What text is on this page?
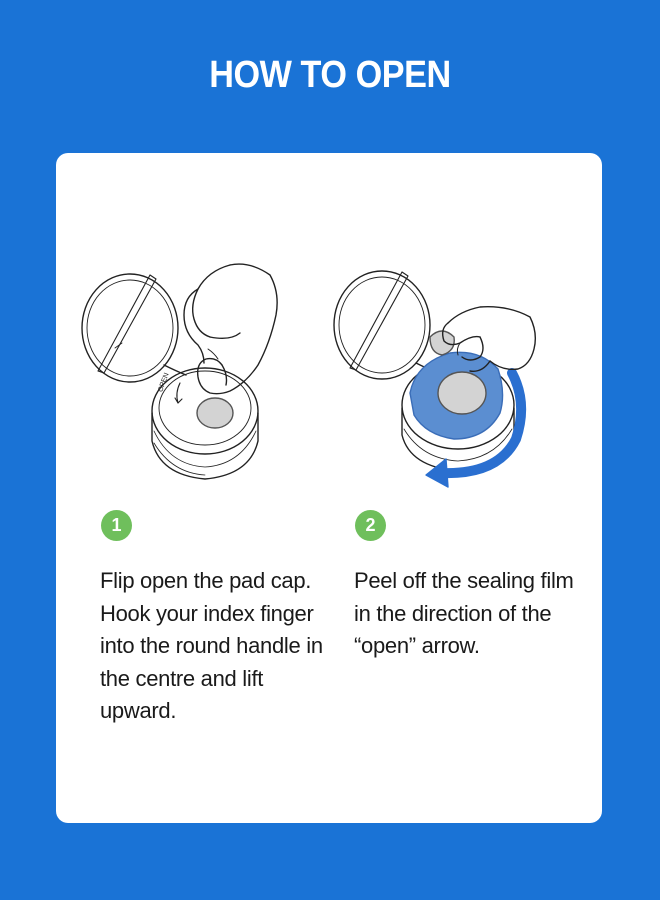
HOW TO OPEN
OPEN
1
Flip open the pad cap. Hook your index finger into the round handle in the centre and lift upward.
2
Peel off the sealing film in the direction of the “open” arrow.
